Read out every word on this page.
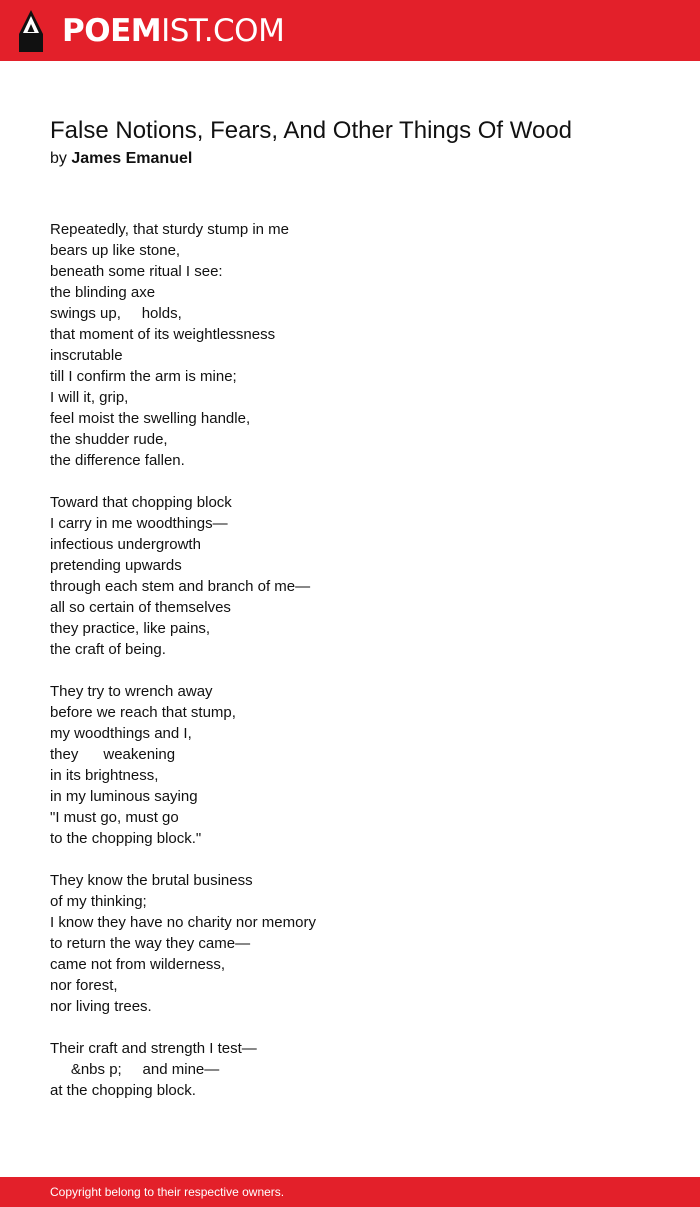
POEMIST.COM
False Notions, Fears, And Other Things Of Wood
by James Emanuel
Repeatedly, that sturdy stump in me
bears up like stone,
beneath some ritual I see:
the blinding axe
swings up,     holds,
that moment of its weightlessness
inscrutable
till I confirm the arm is mine;
I will it, grip,
feel moist the swelling handle,
the shudder rude,
the difference fallen.
Toward that chopping block
I carry in me woodthings—
infectious undergrowth
pretending upwards
through each stem and branch of me—
all so certain of themselves
they practice, like pains,
the craft of being.
They try to wrench away
before we reach that stump,
my woodthings and I,
they      weakening
in its brightness,
in my luminous saying
"I must go, must go
to the chopping block."
They know the brutal business
of my thinking;
I know they have no charity nor memory
to return the way they came—
came not from wilderness,
nor forest,
nor living trees.
Their craft and strength I test—
&nbs p;     and mine—
at the chopping block.
Copyright belong to their respective owners.
